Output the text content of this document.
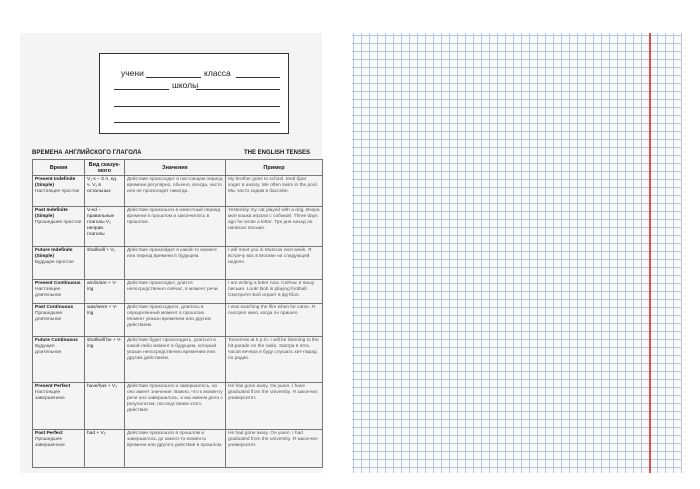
учени	класса
школы
ВРЕМЕНА АНГЛИЙСКОГО ГЛАГОЛА	THE ENGLISH TENSES
Время	Вид сказуе-мого	Значение	Пример

Present Indefinite (Simple)
Настоящее простое	V₁-s – 3 л. ед. ч. V₁ в остальных	Действие происходит в настоящем период времени регулярно, обычно, всегда, часто или не происходит никогда.	My brother goes to school. Мой брат ходит в школу. We often swim in the pool. Мы часто ходим в бассейн.

Past Indefinite (Simple)
Прошедшее простое	V-ed – правильные глаголы V₂ неправ. глаголы	Действие произошло в известный период времени в прошлом и закончилось в прошлом.	Yesterday my cat played with a dog. Вчера моя кошка играла с собакой. Three days ago he wrote a letter. Три дня назад он написал письмо.

Future Indefinite (Simple)
Будущее простое	shall/will + V₁	Действие произойдет в какой-то момент или период времени в будущем.	I will meet you in Moscow next week. Я встречу вас в Москве на следующей неделе.

Present Continuous
Настоящее длительное	am/is/are + V-ing	Действие происходит, длится непосредственно сейчас, в момент речи.	I am writing a letter now. Сейчас я пишу письмо. Look! Bob is playing football. Смотрите! Боб играет в футбол.

Past Continuous
Прошедшее длительное	was/were + V-ing	Действие происходило, длилось в определенный момент в прошлом. Момент указан временем или другим действием.	I was watching the film when he came. Я смотрел кино, когда он пришел.

Future Continuous
Будущее длительное	shall/will be + V-ing	Действие будет происходить, длиться в какой-либо момент в будущем, который указан непосредственно временем или другим действием.	Tomorrow at 5 p.m. I will be listening to the hit-parade on the radio. Завтра в пять часов вечера я буду слушать хит-парад по радио.

Present Perfect
Настоящее завершенное	have/has + V₃	Действие произошло и завершилось, но оно имеет значение. Важно, что к моменту речи оно завершилось, и мы имеем дело с результатом, последствием этого действия.	He has gone away. Он ушел. I have graduated from the university. Я закончил университет.

Past Perfect
Прошедшее завершенное	had + V₃	Действие произошло в прошлом и завершилось до какого-то момента времени или другого действия в прошлом.	He had gone away. Он ушел. I had graduated from the university. Я закончил университет.
